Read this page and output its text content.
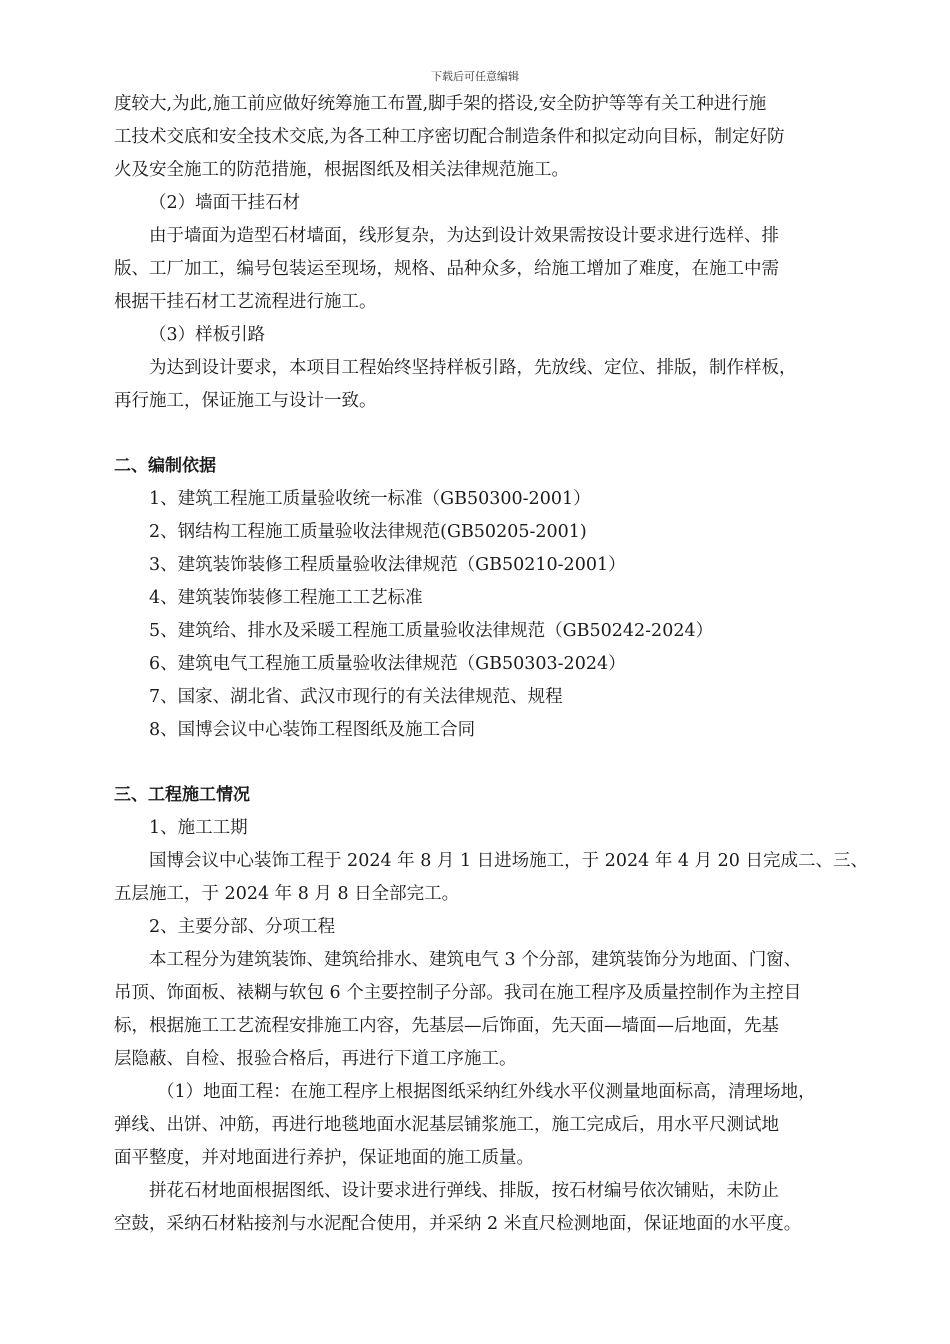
下载后可任意编辑
度较大,为此,施工前应做好统筹施工布置,脚手架的搭设,安全防护等等有关工种进行施
工技术交底和安全技术交底,为各工种工序密切配合制造条件和拟定动向目标，制定好防
火及安全施工的防范措施，根据图纸及相关法律规范施工。
（2）墙面干挂石材
由于墙面为造型石材墙面，线形复杂，为达到设计效果需按设计要求进行选样、排
版、工厂加工，编号包装运至现场，规格、品种众多，给施工增加了难度，在施工中需
根据干挂石材工艺流程进行施工。
（3）样板引路
为达到设计要求，本项目工程始终坚持样板引路，先放线、定位、排版，制作样板，
再行施工，保证施工与设计一致。
二、编制依据
1、建筑工程施工质量验收统一标准（GB50300-2001）
2、钢结构工程施工质量验收法律规范(GB50205-2001)
3、建筑装饰装修工程质量验收法律规范（GB50210-2001）
4、建筑装饰装修工程施工工艺标准
5、建筑给、排水及采暖工程施工质量验收法律规范（GB50242-2024）
6、建筑电气工程施工质量验收法律规范（GB50303-2024）
7、国家、湖北省、武汉市现行的有关法律规范、规程
8、国博会议中心装饰工程图纸及施工合同
三、工程施工情况
1、施工工期
国博会议中心装饰工程于 2024 年 8 月 1 日进场施工，于 2024 年 4 月 20 日完成二、三、
五层施工，于 2024 年 8 月 8 日全部完工。
2、主要分部、分项工程
本工程分为建筑装饰、建筑给排水、建筑电气 3 个分部，建筑装饰分为地面、门窗、
吊顶、饰面板、裱糊与软包 6 个主要控制子分部。我司在施工程序及质量控制作为主控目
标，根据施工工艺流程安排施工内容，先基层—后饰面，先天面—墙面—后地面，先基
层隐蔽、自检、报验合格后，再进行下道工序施工。
（1）地面工程：在施工程序上根据图纸采纳红外线水平仪测量地面标高，清理场地，
弹线、出饼、冲筋，再进行地毯地面水泥基层铺浆施工，施工完成后，用水平尺测试地
面平整度，并对地面进行养护，保证地面的施工质量。
拼花石材地面根据图纸、设计要求进行弹线、排版，按石材编号依次铺贴，未防止
空鼓，采纳石材粘接剂与水泥配合使用，并采纳 2 米直尺检测地面，保证地面的水平度。
